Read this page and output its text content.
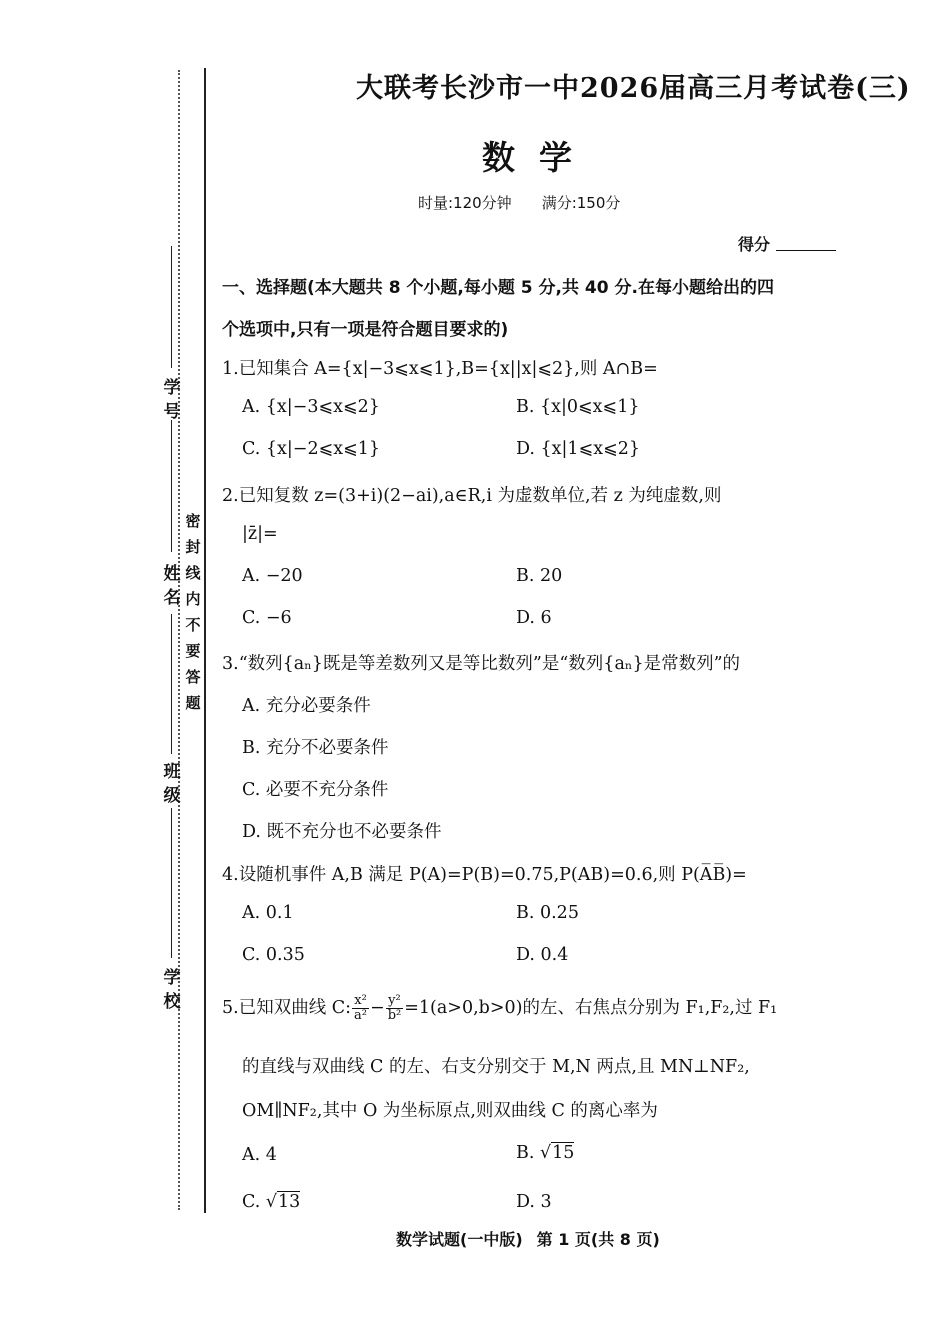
学 号
姓 名
班 级
学 校
密封线内不要答题
大联考长沙市一中2026届高三月考试卷(三)
数学
时量:120分钟 满分:150分
得分
一、选择题(本大题共 8 个小题,每小题 5 分,共 40 分.在每小题给出的四
个选项中,只有一项是符合题目要求的)
1.已知集合 A={x|−3⩽x⩽1},B={x||x|⩽2},则 A∩B=
A. {x|−3⩽x⩽2}	B. {x|0⩽x⩽1}
C. {x|−2⩽x⩽1}	D. {x|1⩽x⩽2}
2.已知复数 z=(3+i)(2−ai),a∈R,i 为虚数单位,若 z 为纯虚数,则
|z̄|=
A. −20	B. 20
C. −6	D. 6
3.“数列{aₙ}既是等差数列又是等比数列”是“数列{aₙ}是常数列”的
A. 充分必要条件
B. 充分不必要条件
C. 必要不充分条件
D. 既不充分也不必要条件
4.设随机事件 A,B 满足 P(A)=P(B)=0.75,P(AB)=0.6,则 P(A̅B̅)=
A. 0.1	B. 0.25
C. 0.35	D. 0.4
5.已知双曲线 C: $\frac{\text{x²}}{\text{a²}} - \frac{\text{y²}}{\text{b²}} =1(a>0,b>0)$的左、右焦点分别为 F₁,F₂,过 F₁
的直线与双曲线 C 的左、右支分别交于 M,N 两点,且 MN⊥NF₂,
OM∥NF₂,其中 O 为坐标原点,则双曲线 C 的离心率为
A. 4	B. √15
C. √13	D. 3
数学试题(一中版) 第 1 页(共 8 页)
